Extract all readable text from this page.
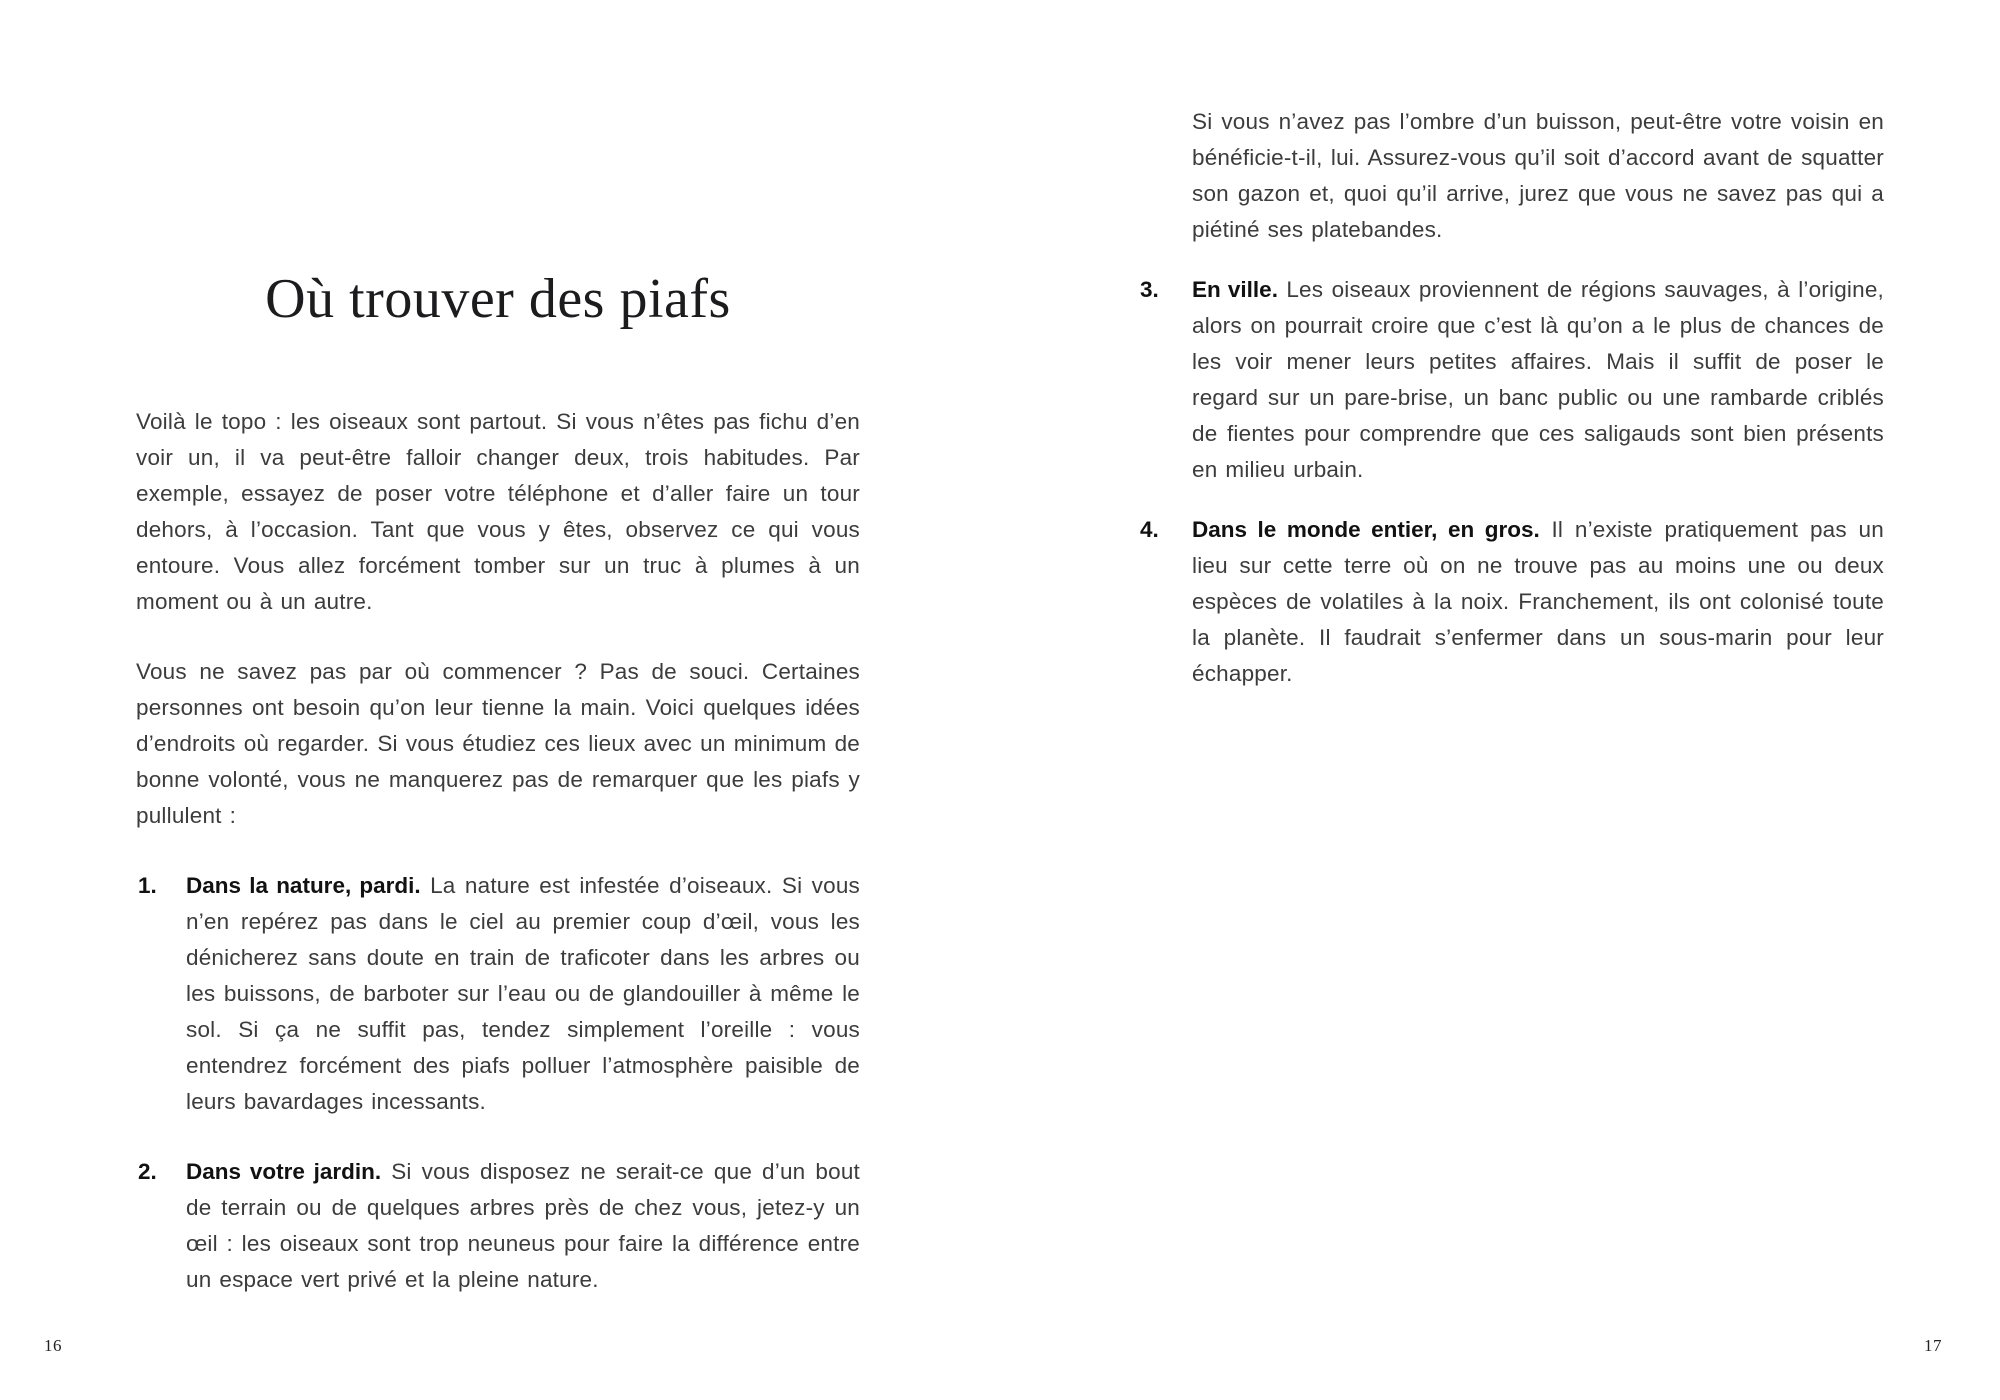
Où trouver des piafs

Voilà le topo : les oiseaux sont partout. Si vous n’êtes pas fichu d’en voir un, il va peut-être falloir changer deux, trois habitudes. Par exemple, essayez de poser votre téléphone et d’aller faire un tour dehors, à l’occasion. Tant que vous y êtes, observez ce qui vous entoure. Vous allez forcément tomber sur un truc à plumes à un moment ou à un autre.

Vous ne savez pas par où commencer ? Pas de souci. Certaines personnes ont besoin qu’on leur tienne la main. Voici quelques idées d’endroits où regarder. Si vous étudiez ces lieux avec un minimum de bonne volonté, vous ne manquerez pas de remarquer que les piafs y pullulent :

1. Dans la nature, pardi. La nature est infestée d’oiseaux. Si vous n’en repérez pas dans le ciel au premier coup d’œil, vous les dénicherez sans doute en train de traficoter dans les arbres ou les buissons, de barboter sur l’eau ou de glandouiller à même le sol. Si ça ne suffit pas, tendez simplement l’oreille : vous entendrez forcément des piafs polluer l’atmosphère paisible de leurs bavardages incessants.

2. Dans votre jardin. Si vous disposez ne serait-ce que d’un bout de terrain ou de quelques arbres près de chez vous, jetez-y un œil : les oiseaux sont trop neuneus pour faire la différence entre un espace vert privé et la pleine nature.

16

Si vous n’avez pas l’ombre d’un buisson, peut-être votre voisin en bénéficie-t-il, lui. Assurez-vous qu’il soit d’accord avant de squatter son gazon et, quoi qu’il arrive, jurez que vous ne savez pas qui a piétiné ses platebandes.

3. En ville. Les oiseaux proviennent de régions sauvages, à l’origine, alors on pourrait croire que c’est là qu’on a le plus de chances de les voir mener leurs petites affaires. Mais il suffit de poser le regard sur un pare-brise, un banc public ou une rambarde criblés de fientes pour comprendre que ces saligauds sont bien présents en milieu urbain.

4. Dans le monde entier, en gros. Il n’existe pratiquement pas un lieu sur cette terre où on ne trouve pas au moins une ou deux espèces de volatiles à la noix. Franchement, ils ont colonisé toute la planète. Il faudrait s’enfermer dans un sous-marin pour leur échapper.

17
